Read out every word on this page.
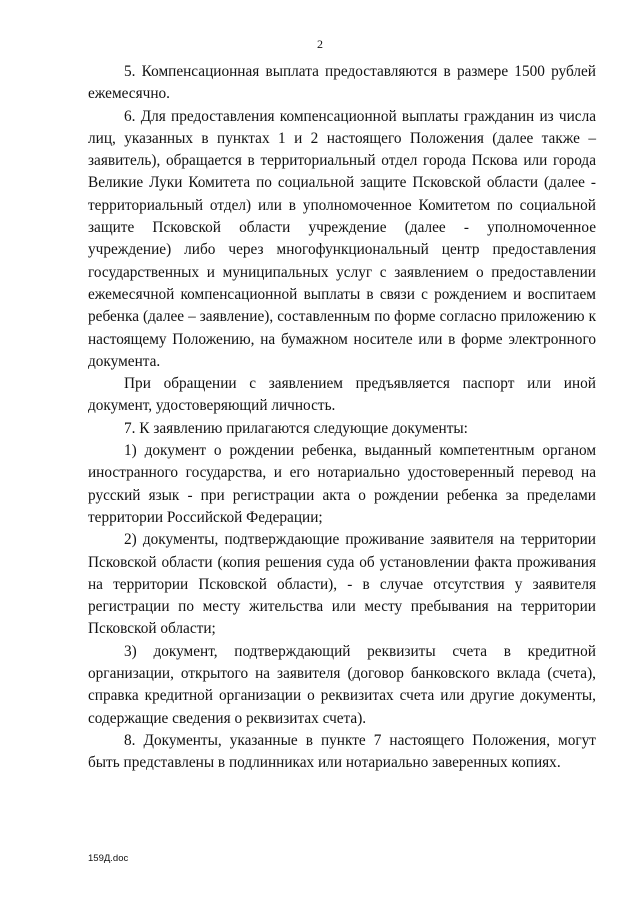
2

5. Компенсационная выплата предоставляются в размере 1500 рублей ежемесячно.

6. Для предоставления компенсационной выплаты гражданин из числа лиц, указанных в пунктах 1 и 2 настоящего Положения (далее также – заявитель), обращается в территориальный отдел города Пскова или города Великие Луки Комитета по социальной защите Псковской области (далее - территориальный отдел) или в уполномоченное Комитетом по социальной защите Псковской области учреждение (далее - уполномоченное учреждение) либо через многофункциональный центр предоставления государственных и муниципальных услуг с заявлением о предоставлении ежемесячной компенсационной выплаты в связи с рождением и воспитаем ребенка (далее – заявление), составленным по форме согласно приложению к настоящему Положению, на бумажном носителе или в форме электронного документа.

При обращении с заявлением предъявляется паспорт или иной документ, удостоверяющий личность.

7. К заявлению прилагаются следующие документы:

1) документ о рождении ребенка, выданный компетентным органом иностранного государства, и его нотариально удостоверенный перевод на русский язык - при регистрации акта о рождении ребенка за пределами территории Российской Федерации;

2) документы, подтверждающие проживание заявителя на территории Псковской области (копия решения суда об установлении факта проживания на территории Псковской области), - в случае отсутствия у заявителя регистрации по месту жительства или месту пребывания на территории Псковской области;

3) документ, подтверждающий реквизиты счета в кредитной организации, открытого на заявителя (договор банковского вклада (счета), справка кредитной организации о реквизитах счета или другие документы, содержащие сведения о реквизитах счета).

8. Документы, указанные в пункте 7 настоящего Положения, могут быть представлены в подлинниках или нотариально заверенных копиях.

159Д.doc
